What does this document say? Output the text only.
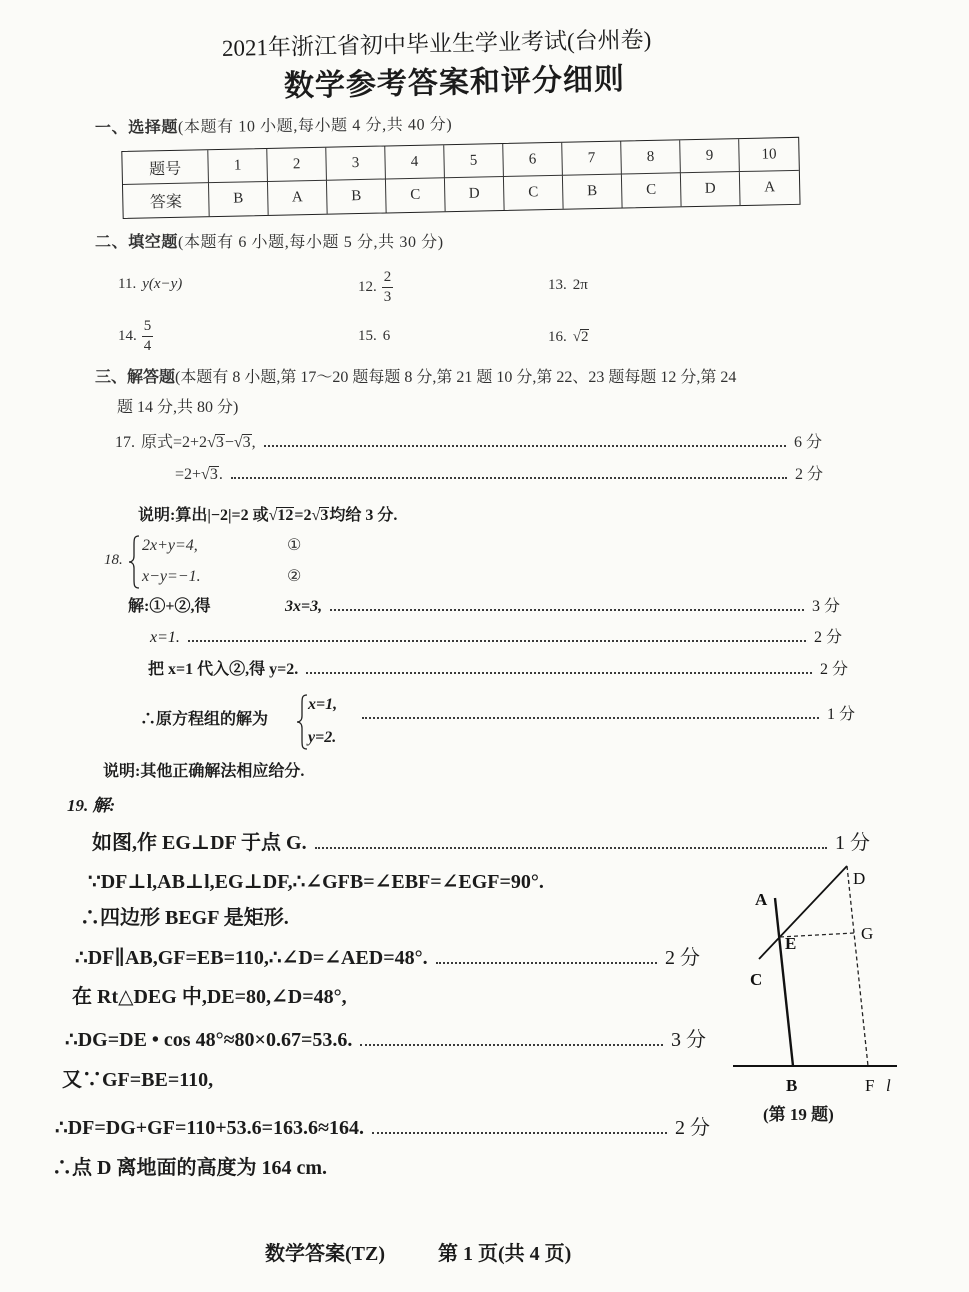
2021年浙江省初中毕业生学业考试(台州卷)
数学参考答案和评分细则
一、选择题 (本题有 10 小题,每小题 4 分,共 40 分)
题号	1	2	3	4	5	6	7	8	9	10
答案	B	A	B	C	D	C	B	C	D	A
二、填空题 (本题有 6 小题,每小题 5 分,共 30 分)
11. y(x−y)	12. $\frac{2}{3}$	13. 2π
14. $\frac{5}{4}$	15. 6	16. √ 2
三、解答题 (本题有 8 小题,第 17～20 题每题 8 分,第 21 题 10 分,第 22、23 题每题 12 分,第 24
题 14 分,共 80 分)
17. 原式=2+2 √ 3 − √ 3 ,	6 分
=2+ √ 3 .	2 分
说明:算出|−2|=2 或 √ 12 =2 √ 3 均给 3 分.
18.
2x+y=4,	①
x−y=−1.	②
解:①+②,得	3x=3,	3 分
x=1.	2 分
把 x=1 代入②,得 y=2.	2 分
∴原方程组的解为
x=1,
y=2.
1 分
说明:其他正确解法相应给分.
19. 解:
如图,作 EG⊥DF 于点 G.	1 分
∵DF⊥l,AB⊥l,EG⊥DF,∴∠GFB=∠EBF=∠EGF=90°.
∴四边形 BEGF 是矩形.
∴DF∥AB,GF=EB=110,∴∠D=∠AED=48°.	2 分
在 Rt△DEG 中,DE=80,∠D=48°,
∴DG=DE • cos 48°≈80×0.67=53.6.	3 分
又∵GF=BE=110,
∴DF=DG+GF=110+53.6=163.6≈164.	2 分
∴点 D 离地面的高度为 164 cm.
A
D
G
E
C
B	F l
(第 19 题)
数学答案(TZ)	第 1 页(共 4 页)
